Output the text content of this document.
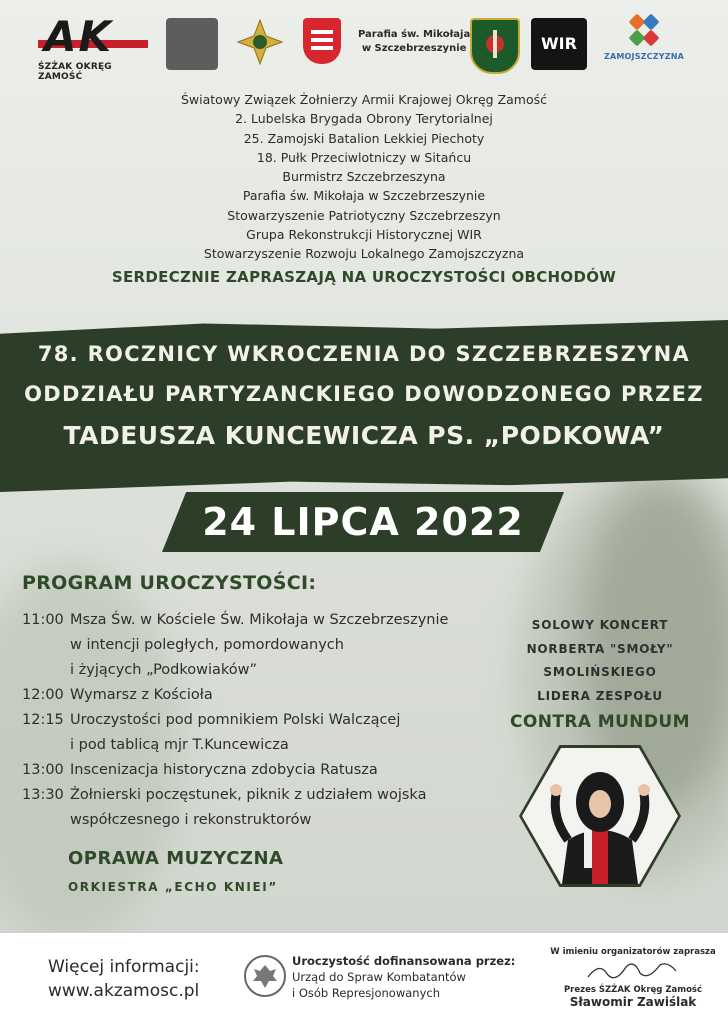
AK
ŚZŻAK OKRĘG ZAMOŚĆ
Parafia św. Mikołaja
w Szczebrzeszynie	WIR
ZAMOJSZCZYZNA
Światowy Związek Żołnierzy Armii Krajowej Okręg Zamość
2. Lubelska Brygada Obrony Terytorialnej
25. Zamojski Batalion Lekkiej Piechoty
18. Pułk Przeciwlotniczy w Sitańcu
Burmistrz Szczebrzeszyna
Parafia św. Mikołaja w Szczebrzeszynie
Stowarzyszenie Patriotyczny Szczebrzeszyn
Grupa Rekonstrukcji Historycznej WIR
Stowarzyszenie Rozwoju Lokalnego Zamojszczyzna
SERDECZNIE ZAPRASZAJĄ NA UROCZYSTOŚCI OBCHODÓW
78. ROCZNICY WKROCZENIA DO SZCZEBRZESZYNA
ODDZIAŁU PARTYZANCKIEGO DOWODZONEGO PRZEZ
TADEUSZA KUNCEWICZA PS. „PODKOWA”
24 LIPCA 2022
PROGRAM UROCZYSTOŚCI:
11:00 Msza Św. w Kościele Św. Mikołaja w Szczebrzeszynie
w intencji poległych, pomordowanych
i żyjących „Podkowiaków”
12:00 Wymarsz z Kościoła
12:15 Uroczystości pod pomnikiem Polski Walczącej
i pod tablicą mjr T.Kuncewicza
13:00 Inscenizacja historyczna zdobycia Ratusza
13:30 Żołnierski poczęstunek, piknik z udziałem wojska
współczesnego i rekonstruktorów
OPRAWA MUZYCZNA
ORKIESTRA „ECHO KNIEI”
SOLOWY KONCERT
NORBERTA "SMOŁY"
SMOLIŃSKIEGO
LIDERA ZESPOŁU
CONTRA MUNDUM
Więcej informacji:
www.akzamosc.pl
Uroczystość dofinansowana przez:
Urząd do Spraw Kombatantów
i Osób Represjonowanych
W imieniu organizatorów zaprasza
Prezes ŚZŻAK Okręg Zamość
Sławomir Zawiślak
